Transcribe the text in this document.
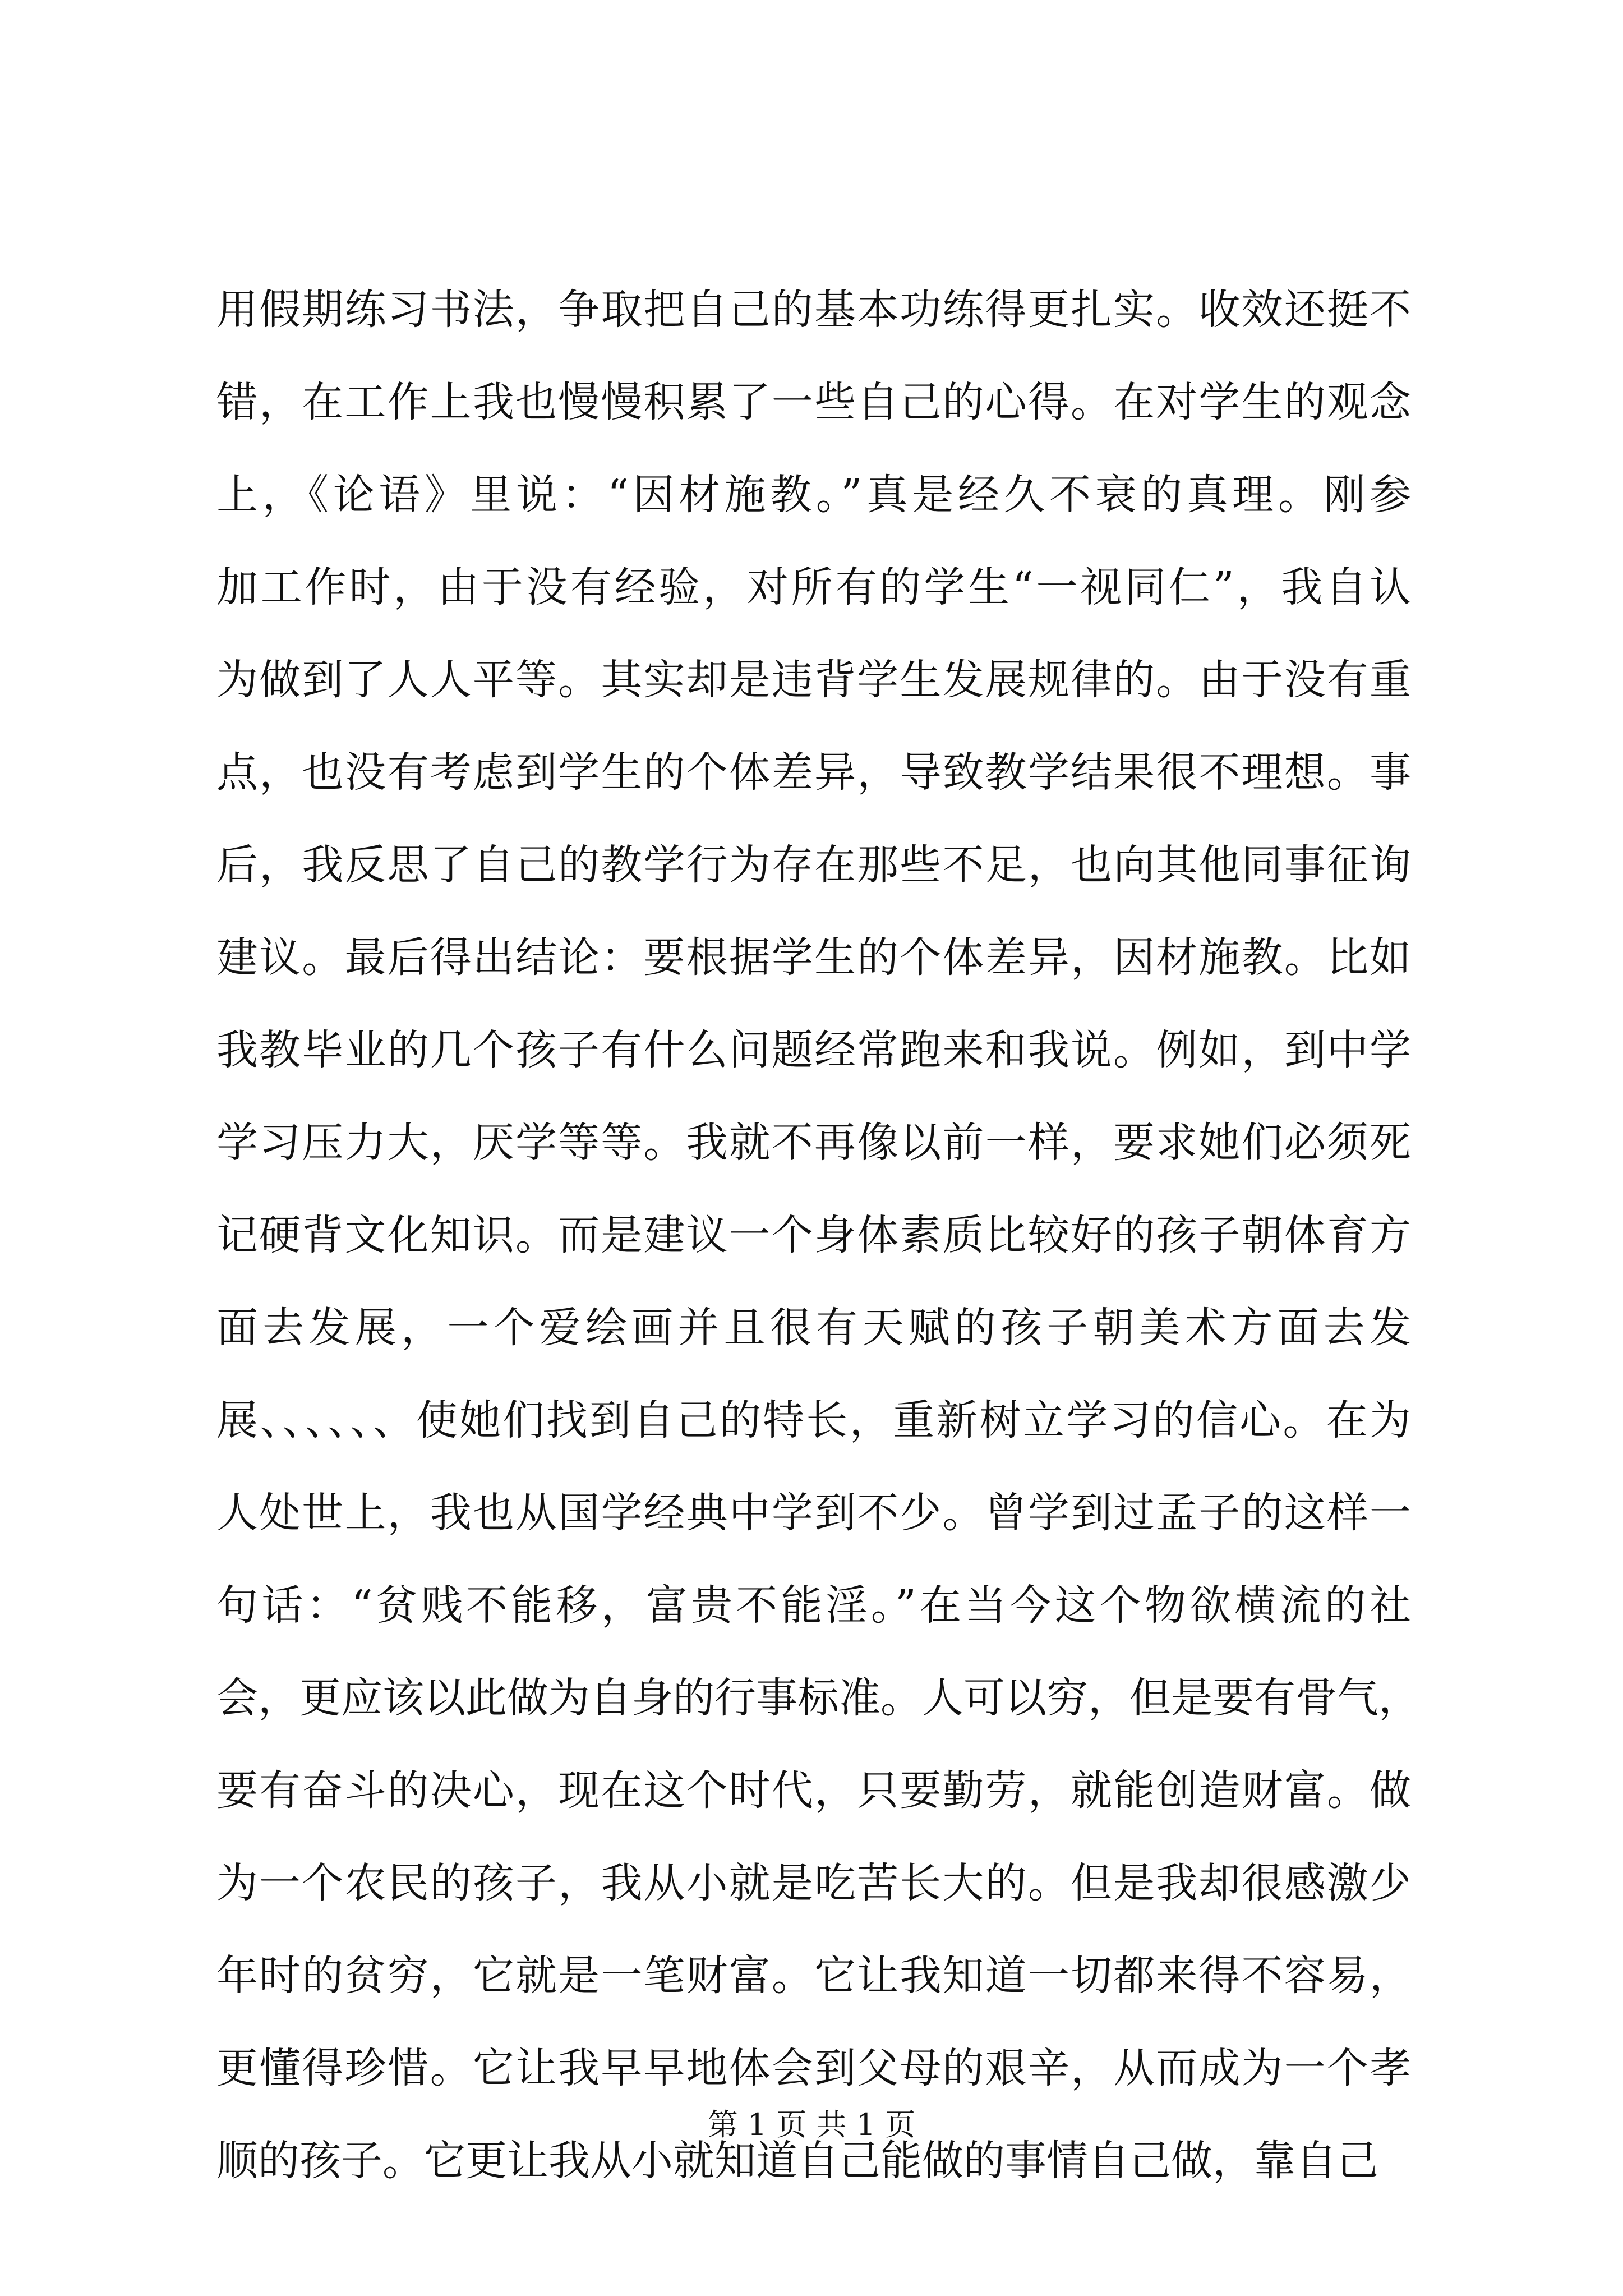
用假期练习书法，争取把自己的基本功练得更扎实。收效还挺不
错，在工作上我也慢慢积累了一些自己的心得。在对学生的观念
上，《论语》里说：“因材施教。”真是经久不衰的真理。刚参
加工作时，由于没有经验，对所有的学生“一视同仁”，我自认
为做到了人人平等。其实却是违背学生发展规律的。由于没有重
点，也没有考虑到学生的个体差异，导致教学结果很不理想。事
后，我反思了自己的教学行为存在那些不足，也向其他同事征询
建议。最后得出结论：要根据学生的个体差异，因材施教。比如
我教毕业的几个孩子有什么问题经常跑来和我说。例如，到中学
学习压力大，厌学等等。我就不再像以前一样，要求她们必须死
记硬背文化知识。而是建议一个身体素质比较好的孩子朝体育方
面去发展，一个爱绘画并且很有天赋的孩子朝美术方面去发
展、、、、、、使她们找到自己的特长，重新树立学习的信心。在为
人处世上，我也从国学经典中学到不少。曾学到过孟子的这样一
句话：“贫贱不能移，富贵不能淫。”在当今这个物欲横流的社
会，更应该以此做为自身的行事标准。人可以穷，但是要有骨气，
要有奋斗的决心，现在这个时代，只要勤劳，就能创造财富。做
为一个农民的孩子，我从小就是吃苦长大的。但是我却很感激少
年时的贫穷，它就是一笔财富。它让我知道一切都来得不容易，
更懂得珍惜。它让我早早地体会到父母的艰辛，从而成为一个孝
顺的孩子。它更让我从小就知道自己能做的事情自己做，靠自己
第 1 页 共 1 页
